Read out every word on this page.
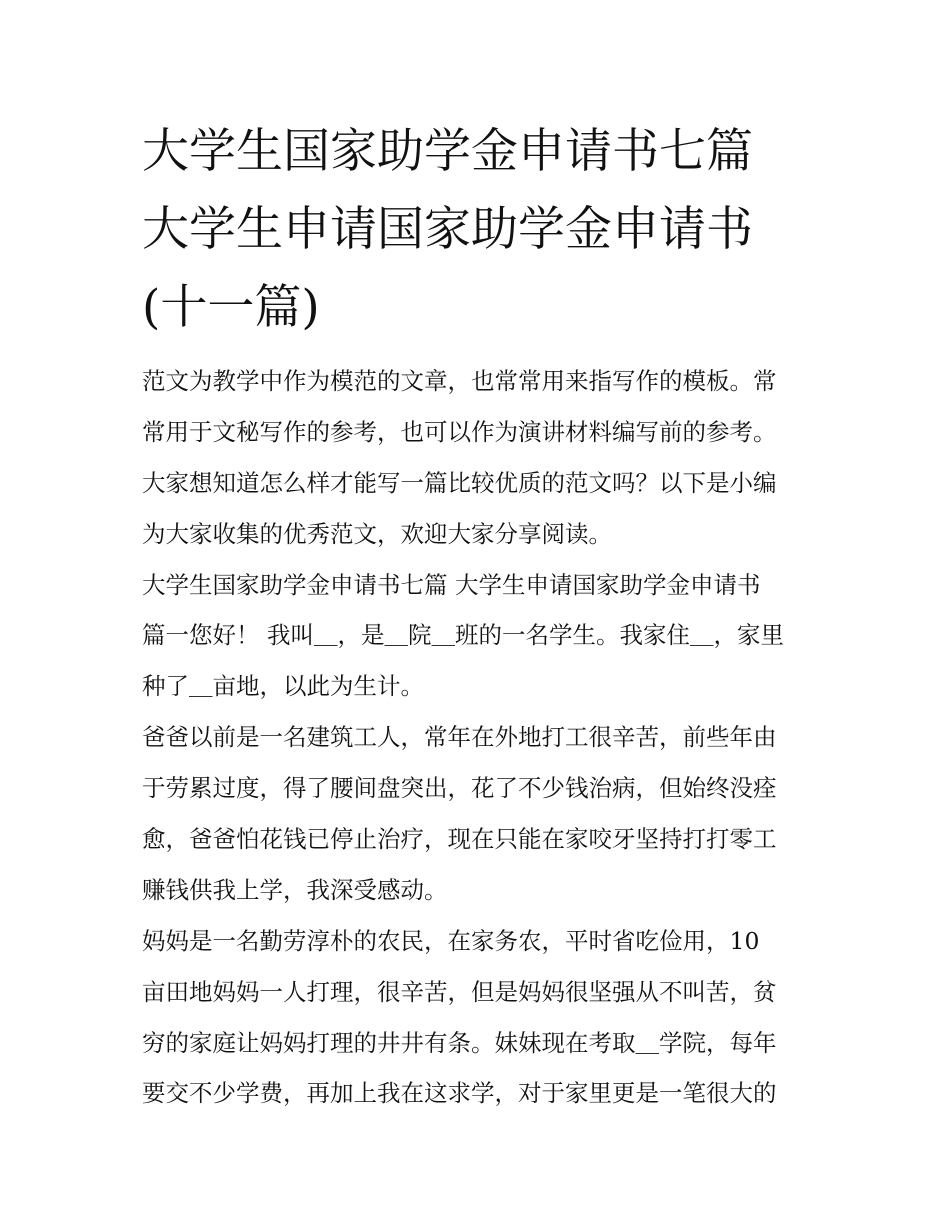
大学生国家助学金申请书七篇
大学生申请国家助学金申请书
(十一篇)
范文为教学中作为模范的文章，也常常用来指写作的模板。常
常用于文秘写作的参考，也可以作为演讲材料编写前的参考。
大家想知道怎么样才能写一篇比较优质的范文吗？以下是小编
为大家收集的优秀范文，欢迎大家分享阅读。
大学生国家助学金申请书七篇 大学生申请国家助学金申请书
篇一您好！ 我叫＿，是＿院＿班的一名学生。我家住＿，家里
种了＿亩地，以此为生计。
爸爸以前是一名建筑工人，常年在外地打工很辛苦，前些年由
于劳累过度，得了腰间盘突出，花了不少钱治病，但始终没痊
愈，爸爸怕花钱已停止治疗，现在只能在家咬牙坚持打打零工
赚钱供我上学，我深受感动。
妈妈是一名勤劳淳朴的农民，在家务农，平时省吃俭用，10
亩田地妈妈一人打理，很辛苦，但是妈妈很坚强从不叫苦，贫
穷的家庭让妈妈打理的井井有条。妹妹现在考取＿学院，每年
要交不少学费，再加上我在这求学，对于家里更是一笔很大的
